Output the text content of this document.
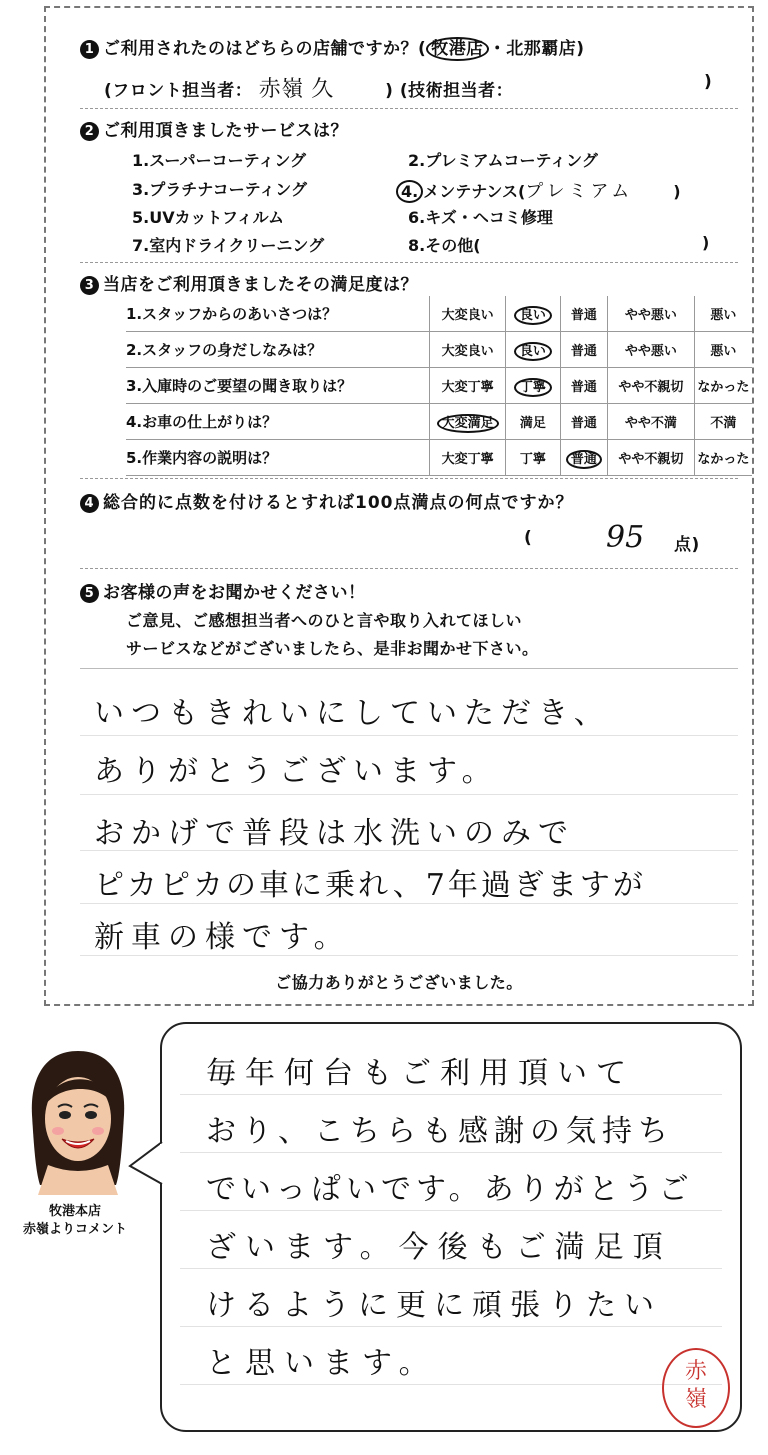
1 ご利用されたのはどちらの店舗ですか？( 牧港店 ・北那覇店)
(フロント担当者： 赤嶺 久	) (技術担当者：	)
2 ご利用頂きましたサービスは？
1.スーパーコーティング	2.プレミアムコーティング
3.プラチナコーティング	4. メンテナンス(プレミアム )
5.UVカットフィルム	6.キズ・ヘコミ修理
7.室内ドライクリーニング	8.その他(	)
3 当店をご利用頂きましたその満足度は？
1.スタッフからのあいさつは？	大変良い	良い	普通	やや悪い	悪い
2.スタッフの身だしなみは？	大変良い	良い	普通	やや悪い	悪い
3.入庫時のご要望の聞き取りは？	大変丁寧	丁寧	普通	やや不親切	なかった
4.お車の仕上がりは？	大変満足	満足	普通	やや不満	不満
5.作業内容の説明は？	大変丁寧	丁寧	普通	やや不親切	なかった
4 総合的に点数を付けるとすれば100点満点の何点ですか？
( 95 点)
5 お客様の声をお聞かせください！
ご意見、ご感想担当者へのひと言や取り入れてほしい
サービスなどがございましたら、是非お聞かせ下さい。
いつもきれいにしていただき、
ありがとうございます。
おかげで普段は水洗いのみで
ピカピカの車に乗れ、7年過ぎますが
新車の様です。
ご協力ありがとうございました。
牧港本店
赤嶺よりコメント
毎年何台もご利用頂いて
おり、こちらも感謝の気持ち
でいっぱいです。ありがとうご
ざいます。今後もご満足頂
けるように更に頑張りたい
と思います。	赤
嶺
